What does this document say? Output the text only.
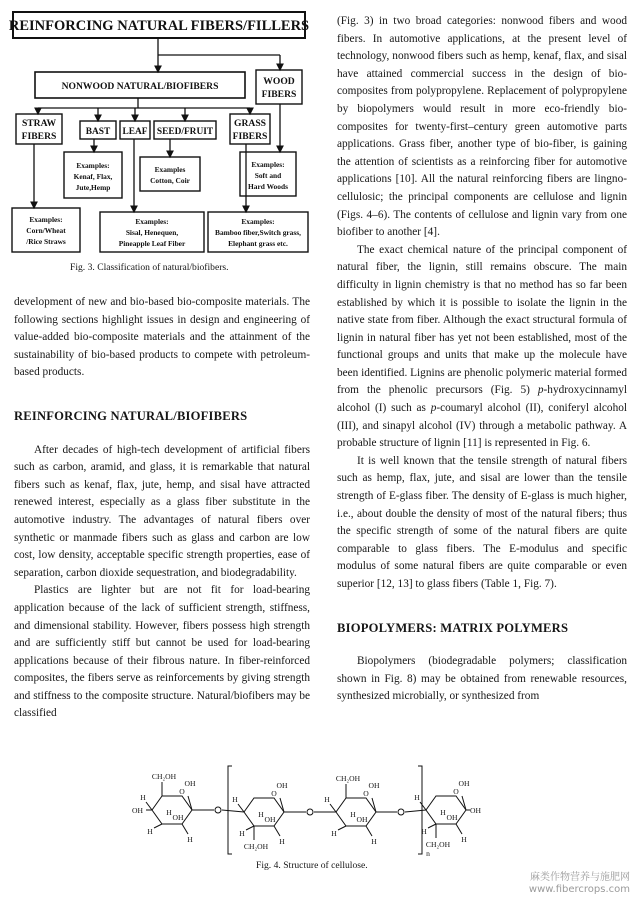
REINFORCING NATURAL FIBERS/FILLERS
NONWOOD NATURAL/BIOFIBERS	WOOD
FIBERS
STRAW
FIBERS	BAST LEAF SEED/FRUIT
GRASS
FIBERS
Examples:
Kenaf, Flax,
Jute,Hemp
Examples
Cotton, Coir
Examples:
Soft and
Hard Woods
Examples:
Corn/Wheat
/Rice Straws
Examples:
Sisal, Henequen,
Pineapple Leaf Fiber
Examples:
Bamboo fiber,Switch grass,
Elephant grass etc.
Fig. 3. Classification of natural/biofibers.

development of new and bio-based bio-composite materials. The following sections highlight issues in design and engineering of value-added bio-composite materials and the attainment of the sustainability of bio-based products to compete with petroleum-based products.

REINFORCING NATURAL/BIOFIBERS

After decades of high-tech development of artificial fibers such as carbon, aramid, and glass, it is remarkable that natural fibers such as kenaf, flax, jute, hemp, and sisal have attracted renewed interest, especially as a glass fiber substitute in the automotive industry. The advantages of natural fibers over synthetic or manmade fibers such as glass and carbon are low cost, low density, acceptable specific strength properties, ease of separation, carbon dioxide sequestration, and biodegradability.

Plastics are lighter but are not fit for load-bearing application because of the lack of sufficient strength, stiffness, and dimensional stability. However, fibers possess high strength and are sufficiently stiff but cannot be used for load-bearing applications because of their fibrous nature. In fiber-reinforced composites, the fibers serve as reinforcements by giving strength and stiffness to the composite structure. Natural/biofibers may be classified

(Fig. 3) in two broad categories: nonwood fibers and wood fibers. In automotive applications, at the present level of technology, nonwood fibers such as hemp, kenaf, flax, and sisal have attained commercial success in the design of bio-composites from polypropylene. Replacement of polypropylene by biopolymers would result in more eco-friendly bio-composites for twenty-first–century green automotive parts applications. Grass fiber, another type of bio-fiber, is gaining the attention of scientists as a reinforcing fiber for automotive applications [10]. All the natural reinforcing fibers are lingno-cellulosic; the principal components are cellulose and lignin (Figs. 4–6). The contents of cellulose and lignin vary from one biofiber to another [4].

The exact chemical nature of the principal component of natural fiber, the lignin, still remains obscure. The main difficulty in lignin chemistry is that no method has so far been established by which it is possible to isolate the lignin in the native state from fiber. Although the exact structural formula of lignin in natural fiber has yet not been established, most of the functional groups and units that make up the molecule have been identified. Lignins are phenolic polymeric material formed from the phenolic precursors (Fig. 5) p-hydroxycinnamyl alcohol (I) such as p-coumaryl alcohol (II), coniferyl alcohol (III), and sinapyl alcohol (IV) through a metabolic pathway. A probable structure of lignin [11] is represented in Fig. 6.

It is well known that the tensile strength of natural fibers such as hemp, flax, jute, and sisal are lower than the tensile strength of E-glass fiber. The density of E-glass is much higher, i.e., about double the density of most of the natural fibers; thus the specific strength of some of the natural fibers are quite comparable to glass fibers. The E-modulus and specific modulus of some natural fibers are quite comparable or even superior [12, 13] to glass fibers (Table 1, Fig. 7).

BIOPOLYMERS: MATRIX POLYMERS

Biopolymers (biodegradable polymers; classification shown in Fig. 8) may be obtained from renewable resources, synthesized microbially, or synthesized from

O
CH₂OH
H
H
OH
H
OH
H
O
CH₂OH
H
H
OH
H
OH
H
O
CH₂OH
H
H
OH
H
OH
H
O
CH₂OH
H
H
OH
H
OH
H
OH	OH
n
Fig. 4. Structure of cellulose.
麻类作物营养与施肥网
www.fibercrops.com
